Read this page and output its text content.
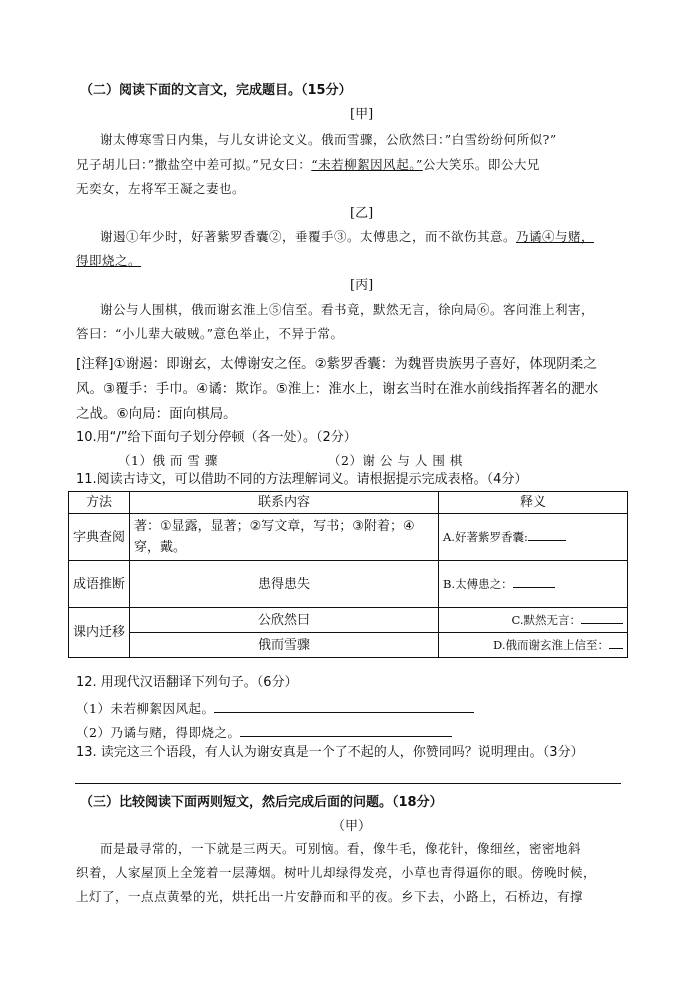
（二）阅读下面的文言文，完成题目。（15分）
[甲]
谢太傅寒雪日内集，与儿女讲论文义。俄而雪骤，公欣然曰：”白雪纷纷何所似?”
兄子胡儿曰：”撒盐空中差可拟。”兄女曰：“未若柳絮因风起。”公大笑乐。即公大兄
无奕女，左将军王凝之妻也。
[乙]
谢遏①年少时，好著紫罗香囊②，垂覆手③。太傅患之，而不欲伤其意。乃谲④与赌，
得即烧之。
[丙]
谢公与人围棋，俄而谢玄淮上⑤信至。看书竟，默然无言，徐向局⑥。客问淮上利害，
答曰：“小儿辈大破贼。”意色举止，不异于常。
[注释]①谢遏：即谢玄，太傅谢安之侄。②紫罗香囊：为魏晋贵族男子喜好，体现阴柔之
风。③覆手：手巾。④谲：欺诈。⑤淮上：淮水上，谢玄当时在淮水前线指挥著名的淝水
之战。⑥向局：面向棋局。
10.用“/”给下面句子划分停顿（各一处）。（2分）
（1）俄 而 雪 骤	（2）谢 公 与 人 围 棋
11.阅读古诗文，可以借助不同的方法理解词义。请根据提示完成表格。（4分）
方法	联系内容	释义
字典查阅	著：①显露，显著；②写文章，写书；③附着；④穿，戴。	A.好著紫罗香囊:
成语推断	患得患失	B.太傅患之：
课内迁移	公欣然曰	C.默然无言：
	俄而雪骤	D.俄而谢玄淮上信至：
12. 用现代汉语翻译下列句子。（6分）
（1）未若柳絮因风起。
（2）乃谲与赌，得即烧之。
13. 读完这三个语段，有人认为谢安真是一个了不起的人，你赞同吗？说明理由。（3分）
（三）比较阅读下面两则短文，然后完成后面的问题。（18分）
（甲）
而是最寻常的，一下就是三两天。可别恼。看，像牛毛，像花针，像细丝，密密地斜
织着，人家屋顶上全笼着一层薄烟。树叶儿却绿得发亮，小草也青得逼你的眼。傍晚时候，
上灯了，一点点黄晕的光，烘托出一片安静而和平的夜。乡下去，小路上，石桥边，有撑
